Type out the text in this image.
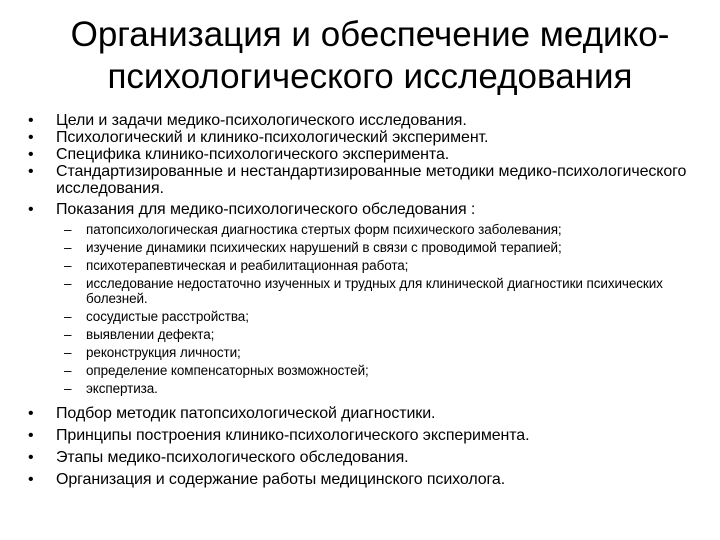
Организация и обеспечение медико-
психологического исследования
• Цели и задачи медико-психологического исследования.
• Психологический и клинико-психологический эксперимент.
• Специфика клинико-психологического эксперимента.
• Стандартизированные и нестандартизированные методики медико-психологического исследования.
• Показания для медико-психологического обследования :
– патопсихологическая диагностика стертых форм психического заболевания;
– изучение динамики психических нарушений в связи с проводимой терапией;
– психотерапевтическая и реабилитационная работа;
– исследование недостаточно изученных и трудных для клинической диагностики психических болезней.
– сосудистые расстройства;
– выявлении дефекта;
– реконструкция личности;
– определение компенсаторных возможностей;
– экспертиза.
• Подбор методик патопсихологической диагностики.
• Принципы построения клинико-психологического эксперимента.
• Этапы медико-психологического обследования.
• Организация и содержание работы медицинского психолога.
